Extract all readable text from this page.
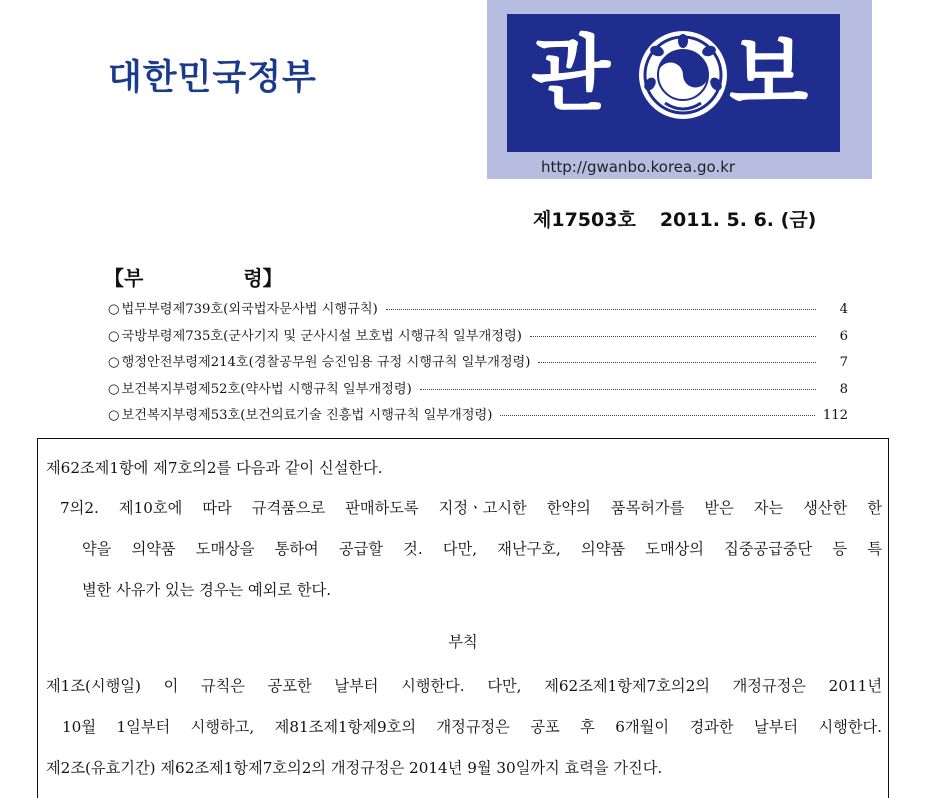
대한민국정부	관 보
http://gwanbo.korea.go.kr
제17503호 2011. 5. 6. (금)
【부	령】
○ 법무부령제739호(외국법자문사법 시행규칙)	4
○ 국방부령제735호(군사기지 및 군사시설 보호법 시행규칙 일부개정령)	6
○ 행정안전부령제214호(경찰공무원 승진임용 규정 시행규칙 일부개정령)	7
○ 보건복지부령제52호(약사법 시행규칙 일부개정령)	8
○ 보건복지부령제53호(보건의료기술 진흥법 시행규칙 일부개정령)	112
제62조제1항에 제7호의2를 다음과 같이 신설한다.
7의2. 제10호에 따라 규격품으로 판매하도록 지정ㆍ고시한 한약의 품목허가를 받은 자는 생산한 한
약을 의약품 도매상을 통하여 공급할 것. 다만, 재난구호, 의약품 도매상의 집중공급중단 등 특
별한 사유가 있는 경우는 예외로 한다.
부칙
제1조(시행일) 이 규칙은 공포한 날부터 시행한다. 다만, 제62조제1항제7호의2의 개정규정은 2011년
10월 1일부터 시행하고, 제81조제1항제9호의 개정규정은 공포 후 6개월이 경과한 날부터 시행한다.
제2조(유효기간) 제62조제1항제7호의2의 개정규정은 2014년 9월 30일까지 효력을 가진다.
